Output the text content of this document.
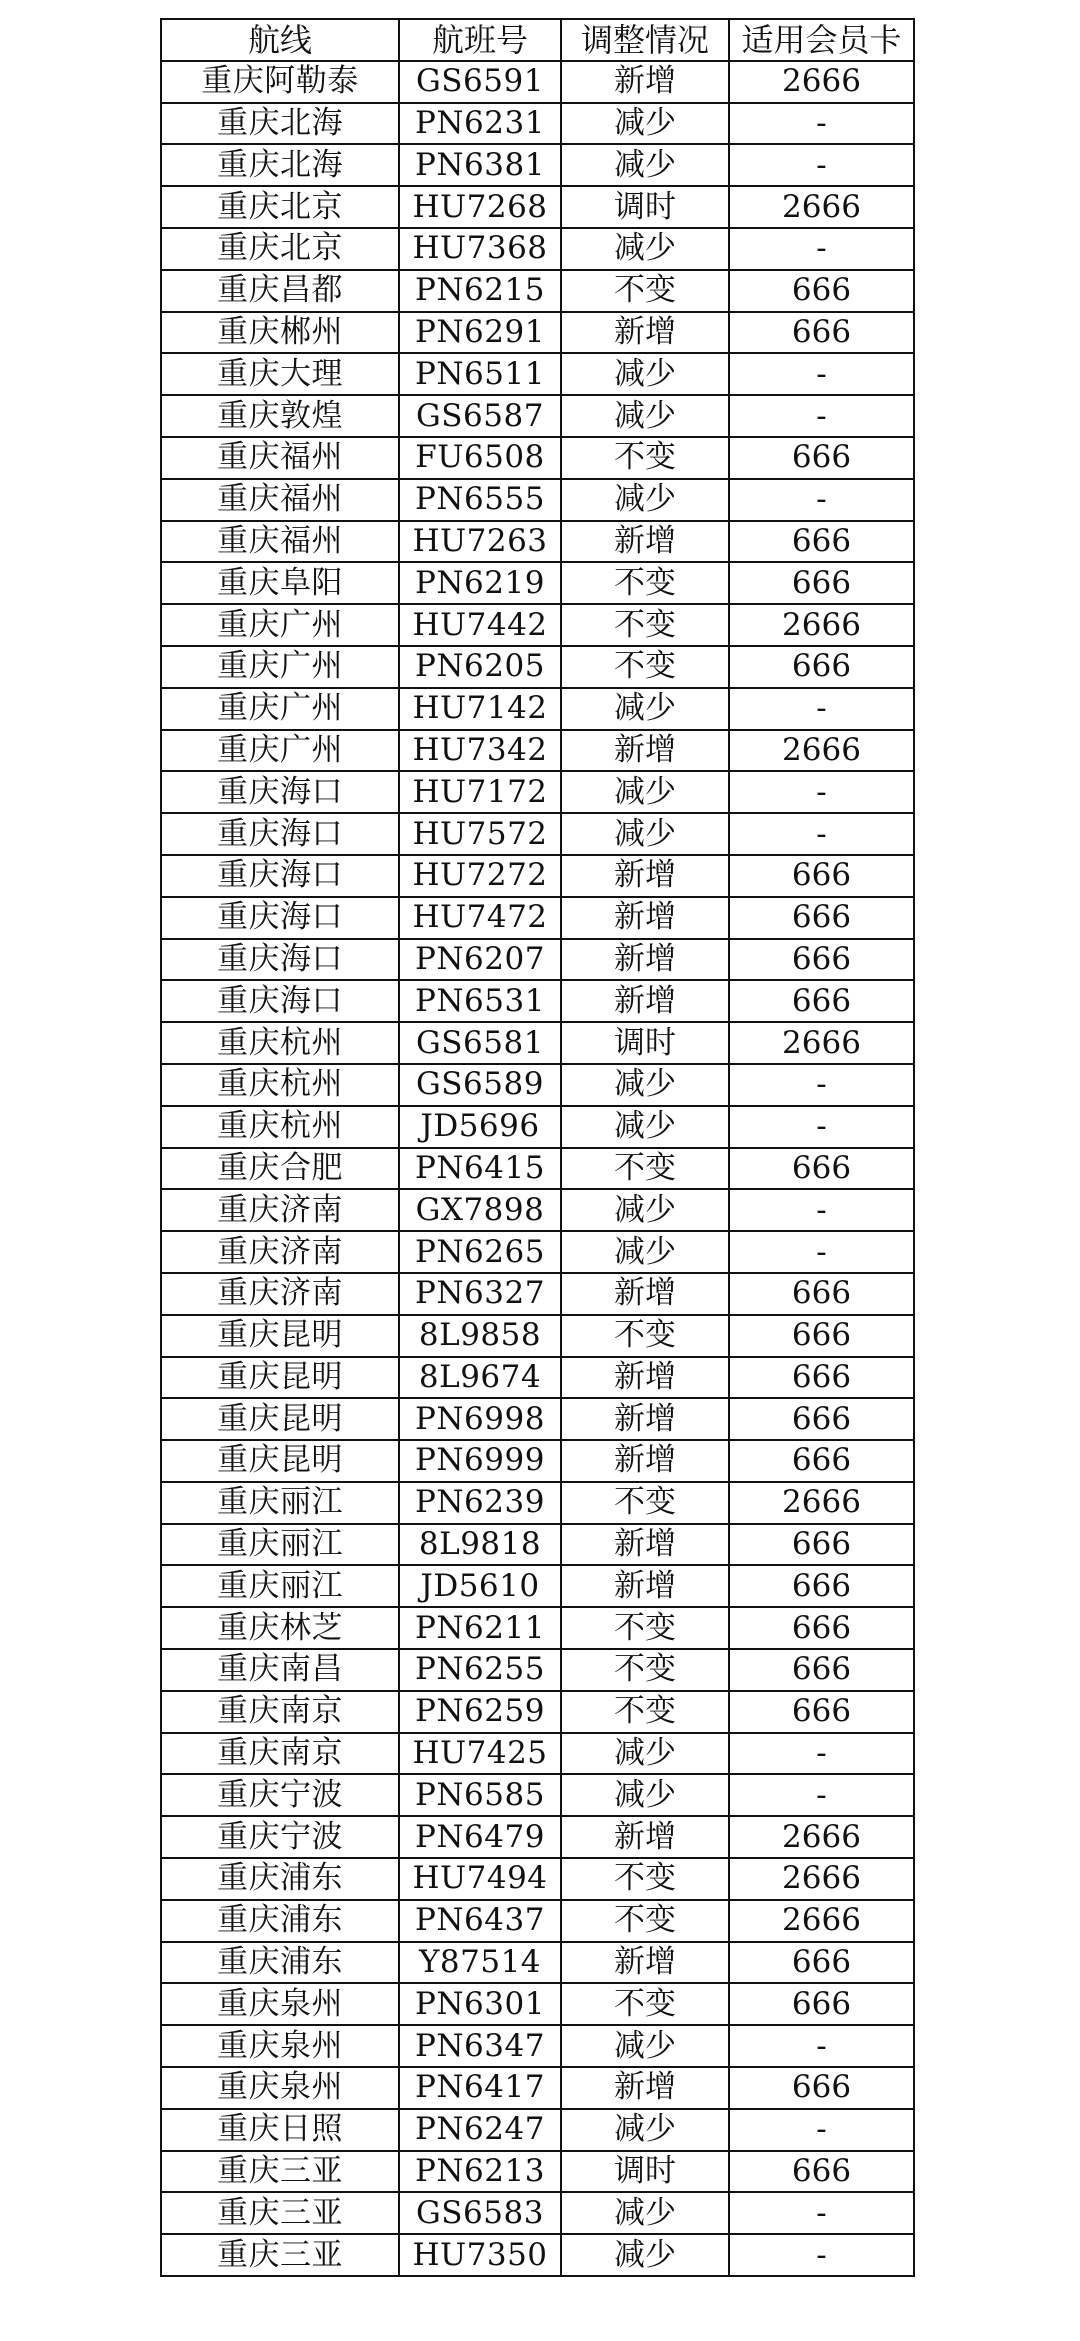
航线	航班号	调整情况	适用会员卡
重庆阿勒泰	GS6591	新增	2666
重庆北海	PN6231	减少	-
重庆北海	PN6381	减少	-
重庆北京	HU7268	调时	2666
重庆北京	HU7368	减少	-
重庆昌都	PN6215	不变	666
重庆郴州	PN6291	新增	666
重庆大理	PN6511	减少	-
重庆敦煌	GS6587	减少	-
重庆福州	FU6508	不变	666
重庆福州	PN6555	减少	-
重庆福州	HU7263	新增	666
重庆阜阳	PN6219	不变	666
重庆广州	HU7442	不变	2666
重庆广州	PN6205	不变	666
重庆广州	HU7142	减少	-
重庆广州	HU7342	新增	2666
重庆海口	HU7172	减少	-
重庆海口	HU7572	减少	-
重庆海口	HU7272	新增	666
重庆海口	HU7472	新增	666
重庆海口	PN6207	新增	666
重庆海口	PN6531	新增	666
重庆杭州	GS6581	调时	2666
重庆杭州	GS6589	减少	-
重庆杭州	JD5696	减少	-
重庆合肥	PN6415	不变	666
重庆济南	GX7898	减少	-
重庆济南	PN6265	减少	-
重庆济南	PN6327	新增	666
重庆昆明	8L9858	不变	666
重庆昆明	8L9674	新增	666
重庆昆明	PN6998	新增	666
重庆昆明	PN6999	新增	666
重庆丽江	PN6239	不变	2666
重庆丽江	8L9818	新增	666
重庆丽江	JD5610	新增	666
重庆林芝	PN6211	不变	666
重庆南昌	PN6255	不变	666
重庆南京	PN6259	不变	666
重庆南京	HU7425	减少	-
重庆宁波	PN6585	减少	-
重庆宁波	PN6479	新增	2666
重庆浦东	HU7494	不变	2666
重庆浦东	PN6437	不变	2666
重庆浦东	Y87514	新增	666
重庆泉州	PN6301	不变	666
重庆泉州	PN6347	减少	-
重庆泉州	PN6417	新增	666
重庆日照	PN6247	减少	-
重庆三亚	PN6213	调时	666
重庆三亚	GS6583	减少	-
重庆三亚	HU7350	减少	-
